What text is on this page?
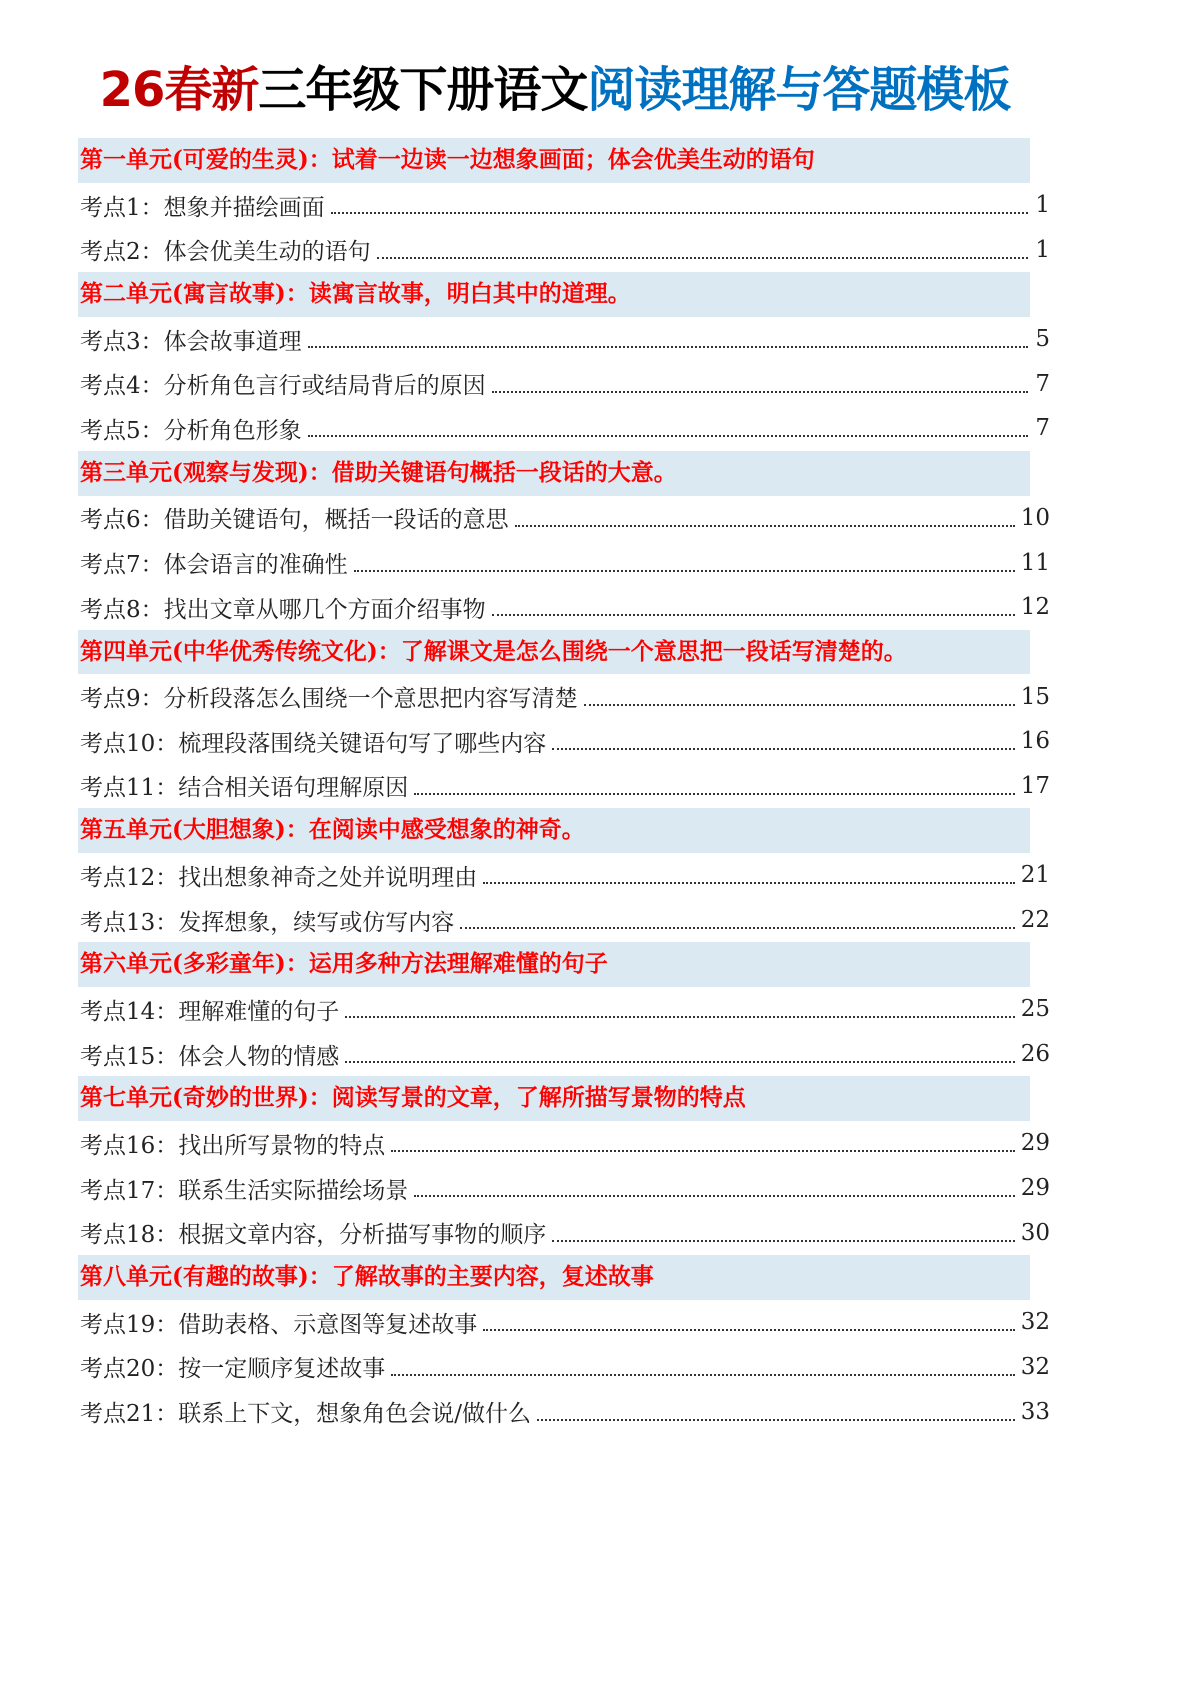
26春新三年级下册语文阅读理解与答题模板
第一单元(可爱的生灵)：试着一边读一边想象画面；体会优美生动的语句
考点1：想象并描绘画面	1
考点2：体会优美生动的语句	1
第二单元(寓言故事)：读寓言故事，明白其中的道理。
考点3：体会故事道理	5
考点4：分析角色言行或结局背后的原因	7
考点5：分析角色形象	7
第三单元(观察与发现)：借助关键语句概括一段话的大意。
考点6：借助关键语句，概括一段话的意思	10
考点7：体会语言的准确性	11
考点8：找出文章从哪几个方面介绍事物	12
第四单元(中华优秀传统文化)：了解课文是怎么围绕一个意思把一段话写清楚的。
考点9：分析段落怎么围绕一个意思把内容写清楚	15
考点10：梳理段落围绕关键语句写了哪些内容	16
考点11：结合相关语句理解原因	17
第五单元(大胆想象)：在阅读中感受想象的神奇。
考点12：找出想象神奇之处并说明理由	21
考点13：发挥想象，续写或仿写内容	22
第六单元(多彩童年)：运用多种方法理解难懂的句子
考点14：理解难懂的句子	25
考点15：体会人物的情感	26
第七单元(奇妙的世界)：阅读写景的文章，了解所描写景物的特点
考点16：找出所写景物的特点	29
考点17：联系生活实际描绘场景	29
考点18：根据文章内容，分析描写事物的顺序	30
第八单元(有趣的故事)：了解故事的主要内容，复述故事
考点19：借助表格、示意图等复述故事	32
考点20：按一定顺序复述故事	32
考点21：联系上下文，想象角色会说/做什么	33
